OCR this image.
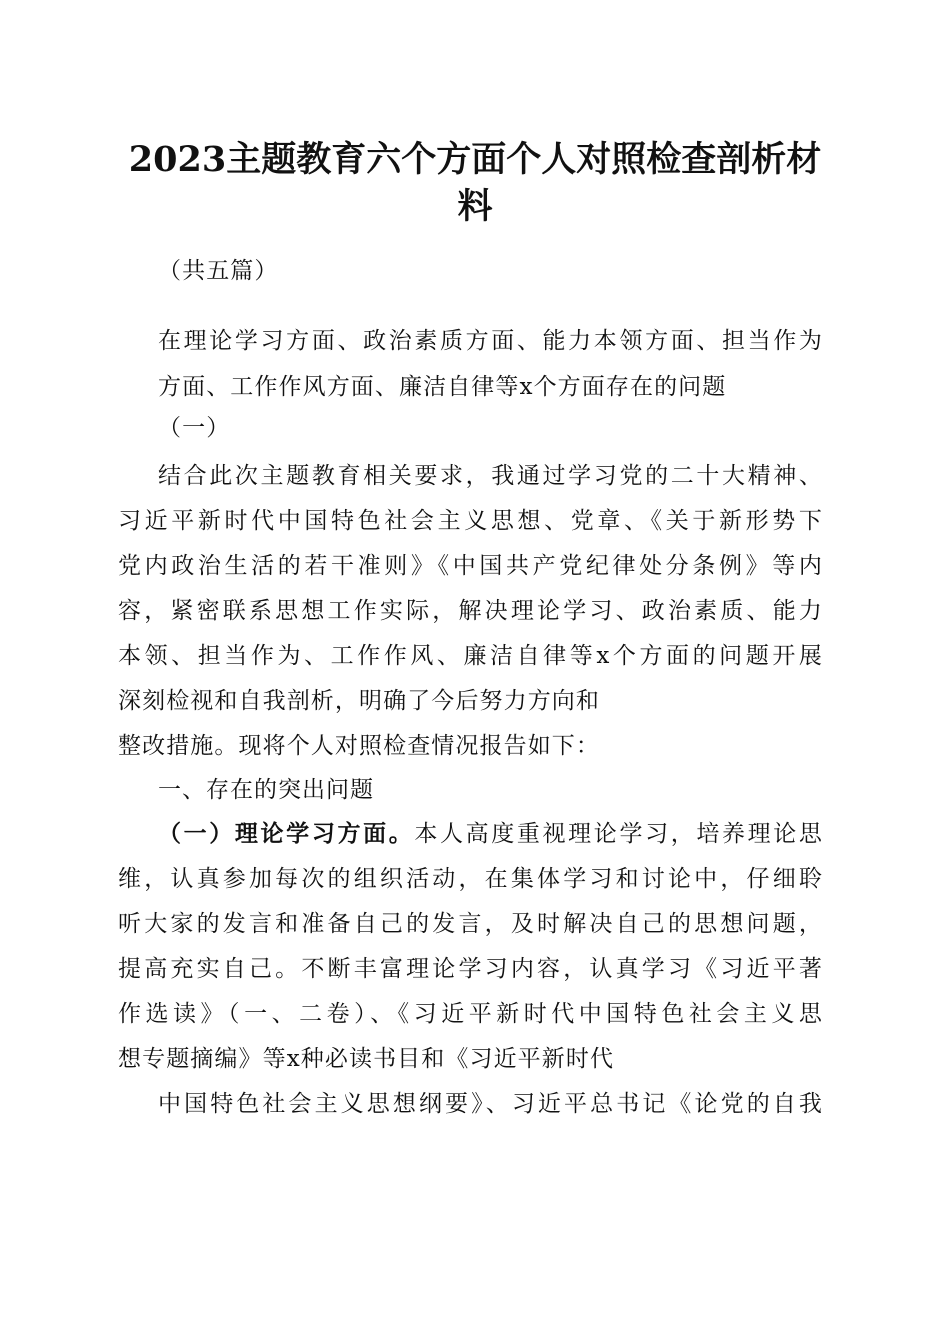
2023主题教育六个方面个人对照检查剖析材
料
（共五篇）
在理论学习方面、政治素质方面、能力本领方面、担当作为
方面、工作作风方面、廉洁自律等x个方面存在的问题
（一）
结合此次主题教育相关要求，我通过学习党的二十大精神、
习近平新时代中国特色社会主义思想、党章、《关于新形势下
党内政治生活的若干准则》《中国共产党纪律处分条例》等内
容，紧密联系思想工作实际，解决理论学习、政治素质、能力
本领、担当作为、工作作风、廉洁自律等x个方面的问题开展
深刻检视和自我剖析，明确了今后努力方向和
整改措施。现将个人对照检查情况报告如下：
一、存在的突出问题
（一）理论学习方面。本人高度重视理论学习，培养理论思
维，认真参加每次的组织活动，在集体学习和讨论中，仔细聆
听大家的发言和准备自己的发言，及时解决自己的思想问题，
提高充实自己。不断丰富理论学习内容，认真学习《习近平著
作选读》（一、二卷）、《习近平新时代中国特色社会主义思
想专题摘编》等x种必读书目和《习近平新时代
中国特色社会主义思想纲要》、习近平总书记《论党的自我
